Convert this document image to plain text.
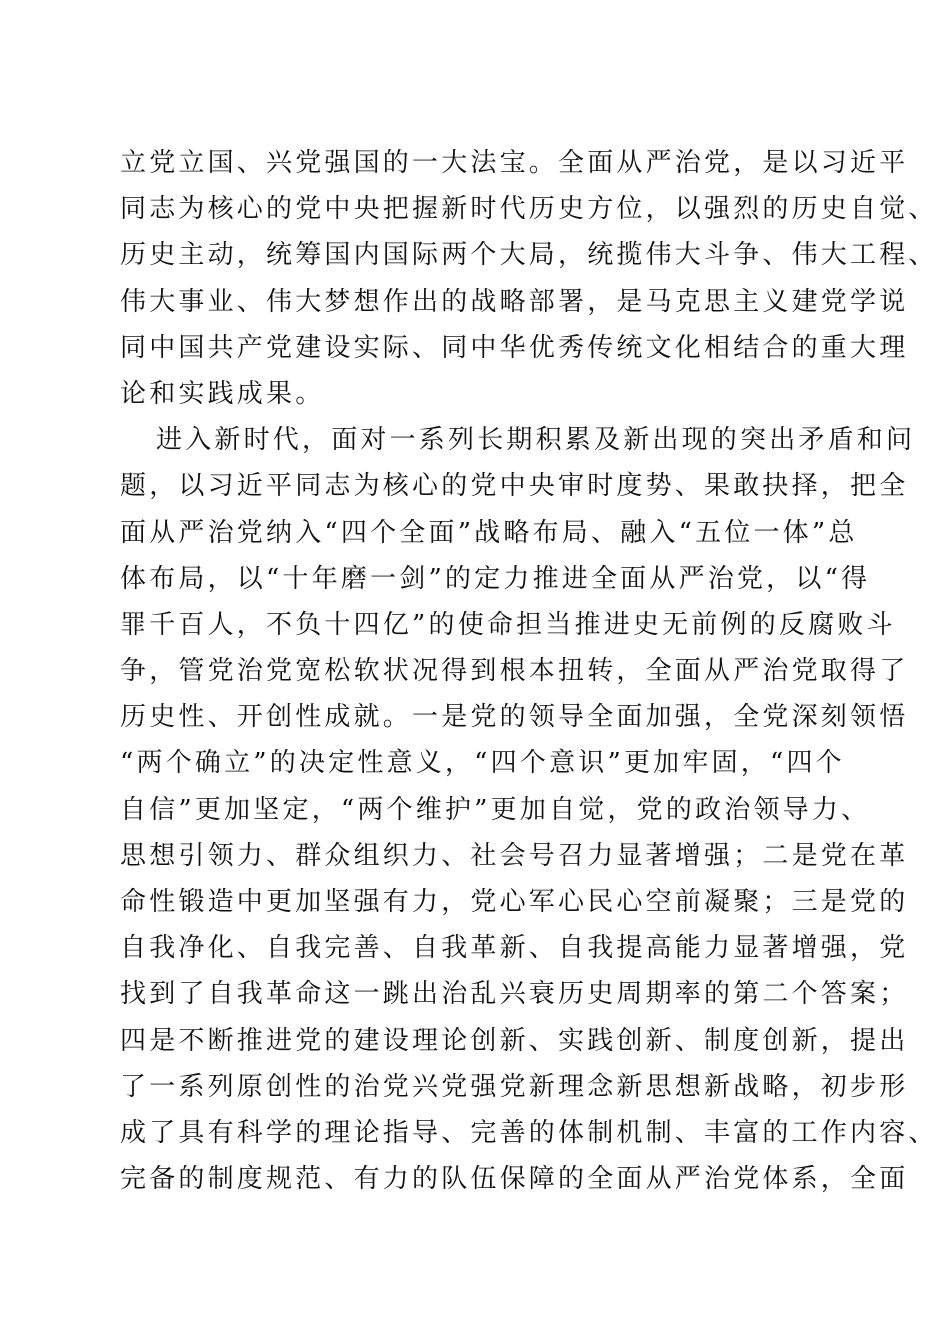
立党立国、兴党强国的一大法宝。全面从严治党，是以习近平
同志为核心的党中央把握新时代历史方位，以强烈的历史自觉、
历史主动，统筹国内国际两个大局，统揽伟大斗争、伟大工程、
伟大事业、伟大梦想作出的战略部署，是马克思主义建党学说
同中国共产党建设实际、同中华优秀传统文化相结合的重大理
论和实践成果。
进入新时代，面对一系列长期积累及新出现的突出矛盾和问
题，以习近平同志为核心的党中央审时度势、果敢抉择，把全
面从严治党纳入“四个全面”战略布局、融入“五位一体”总
体布局，以“十年磨一剑”的定力推进全面从严治党，以“得
罪千百人，不负十四亿”的使命担当推进史无前例的反腐败斗
争，管党治党宽松软状况得到根本扭转，全面从严治党取得了
历史性、开创性成就。一是党的领导全面加强，全党深刻领悟
“两个确立”的决定性意义，“四个意识”更加牢固，“四个
自信”更加坚定，“两个维护”更加自觉，党的政治领导力、
思想引领力、群众组织力、社会号召力显著增强；二是党在革
命性锻造中更加坚强有力，党心军心民心空前凝聚；三是党的
自我净化、自我完善、自我革新、自我提高能力显著增强，党
找到了自我革命这一跳出治乱兴衰历史周期率的第二个答案；
四是不断推进党的建设理论创新、实践创新、制度创新，提出
了一系列原创性的治党兴党强党新理念新思想新战略，初步形
成了具有科学的理论指导、完善的体制机制、丰富的工作内容、
完备的制度规范、有力的队伍保障的全面从严治党体系，全面
